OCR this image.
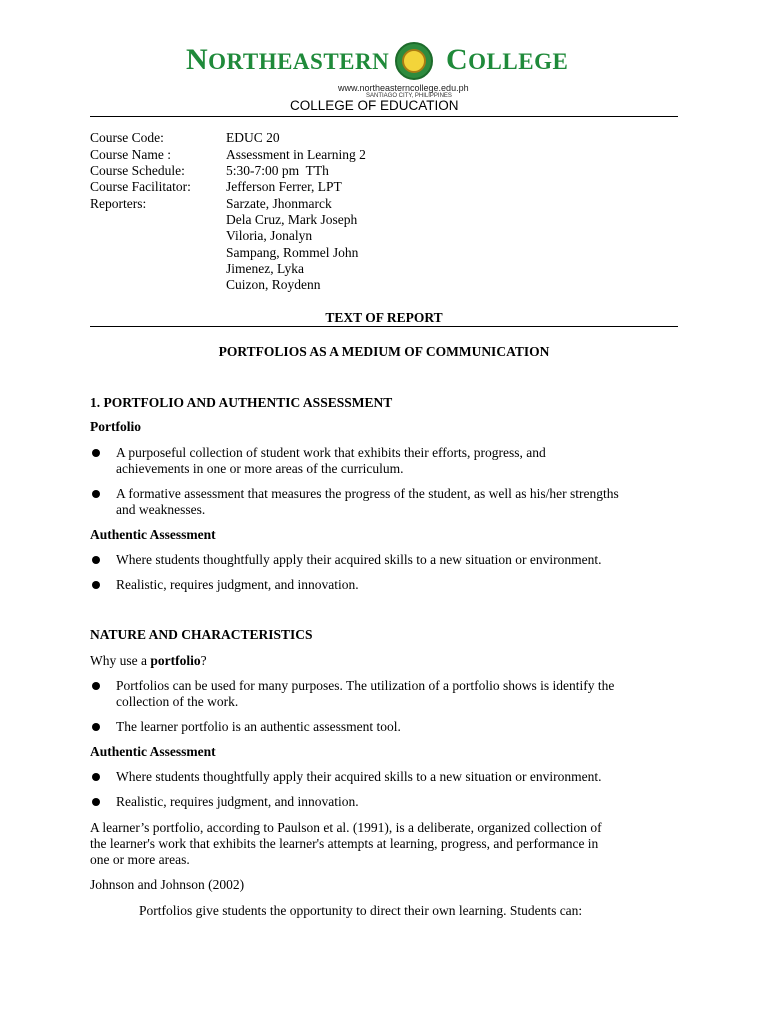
NORTHEASTERN COLLEGE
www.northeasterncollege.edu.ph
SANTIAGO CITY, PHILIPPINES
COLLEGE OF EDUCATION
Course Code:	EDUC 20
Course Name :	Assessment in Learning 2
Course Schedule:	5:30-7:00 pm  TTh
Course Facilitator:	Jefferson Ferrer, LPT
Reporters:	Sarzate, Jhonmarck
Dela Cruz, Mark Joseph
Viloria, Jonalyn
Sampang, Rommel John
Jimenez, Lyka
Cuizon, Roydenn
TEXT OF REPORT
PORTFOLIOS AS A MEDIUM OF COMMUNICATION
1. PORTFOLIO AND AUTHENTIC ASSESSMENT
Portfolio
A purposeful collection of student work that exhibits their efforts, progress, and
achievements in one or more areas of the curriculum.
A formative assessment that measures the progress of the student, as well as his/her strengths
and weaknesses.
Authentic Assessment
Where students thoughtfully apply their acquired skills to a new situation or environment.
Realistic, requires judgment, and innovation.
NATURE AND CHARACTERISTICS
Why use a portfolio?
Portfolios can be used for many purposes. The utilization of a portfolio shows is identify the
collection of the work.
The learner portfolio is an authentic assessment tool.
Authentic Assessment
Where students thoughtfully apply their acquired skills to a new situation or environment.
Realistic, requires judgment, and innovation.
A learner’s portfolio, according to Paulson et al. (1991), is a deliberate, organized collection of
the learner's work that exhibits the learner's attempts at learning, progress, and performance in
one or more areas.
Johnson and Johnson (2002)
Portfolios give students the opportunity to direct their own learning. Students can:
